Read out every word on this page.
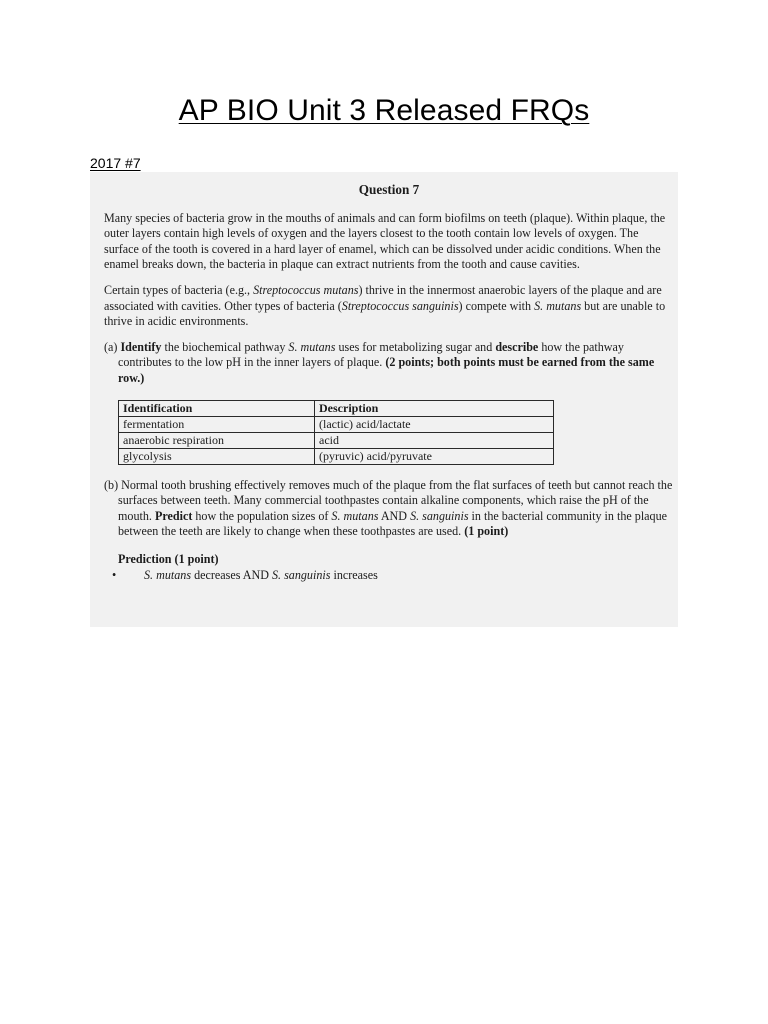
AP BIO Unit 3 Released FRQs
2017 #7
Question 7

Many species of bacteria grow in the mouths of animals and can form biofilms on teeth (plaque). Within plaque, the outer layers contain high levels of oxygen and the layers closest to the tooth contain low levels of oxygen. The surface of the tooth is covered in a hard layer of enamel, which can be dissolved under acidic conditions. When the enamel breaks down, the bacteria in plaque can extract nutrients from the tooth and cause cavities.

Certain types of bacteria (e.g., Streptococcus mutans) thrive in the innermost anaerobic layers of the plaque and are associated with cavities. Other types of bacteria (Streptococcus sanguinis) compete with S. mutans but are unable to thrive in acidic environments.

(a) Identify the biochemical pathway S. mutans uses for metabolizing sugar and describe how the pathway contributes to the low pH in the inner layers of plaque. (2 points; both points must be earned from the same row.)

Identification	Description
fermentation	(lactic) acid/lactate
anaerobic respiration	acid
glycolysis	(pyruvic) acid/pyruvate

(b) Normal tooth brushing effectively removes much of the plaque from the flat surfaces of teeth but cannot reach the surfaces between teeth. Many commercial toothpastes contain alkaline components, which raise the pH of the mouth. Predict how the population sizes of S. mutans AND S. sanguinis in the bacterial community in the plaque between the teeth are likely to change when these toothpastes are used. (1 point)

Prediction (1 point)
• S. mutans decreases AND S. sanguinis increases
